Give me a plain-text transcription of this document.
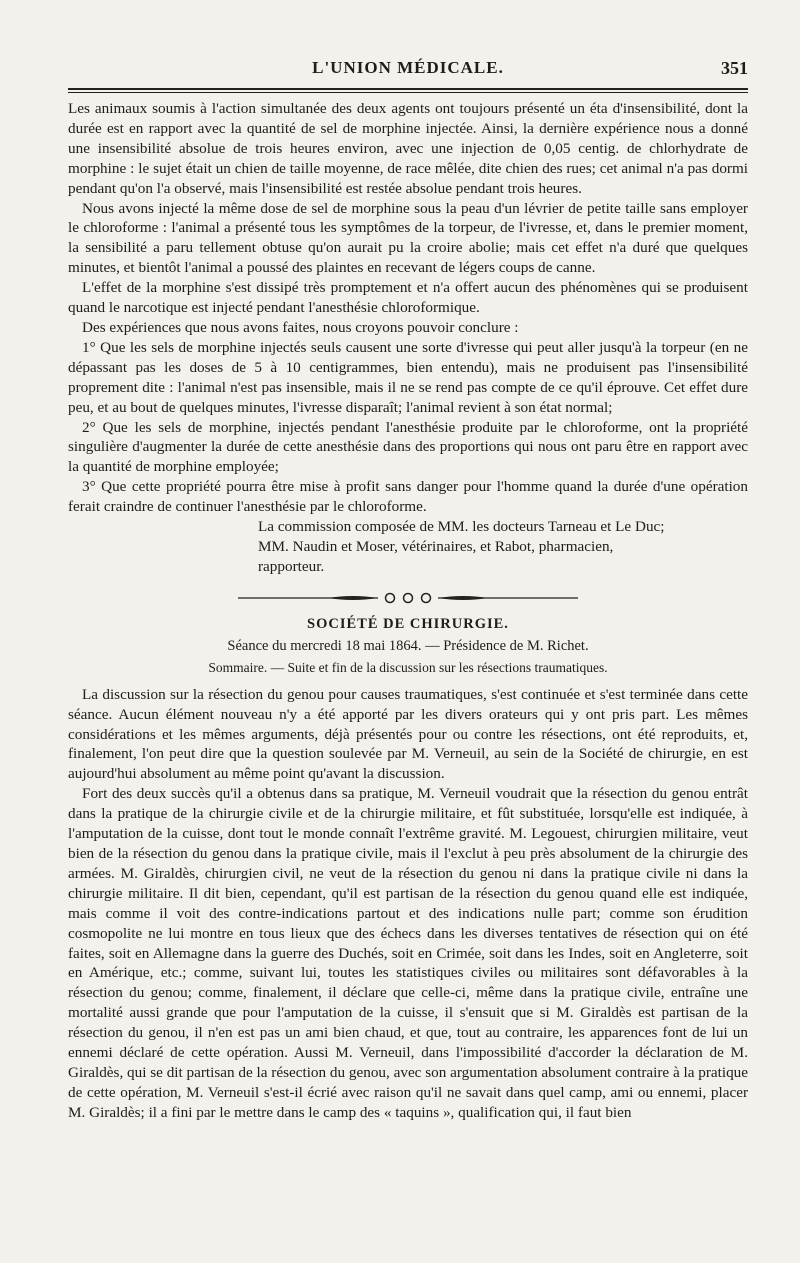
L'UNION MÉDICALE.	351

Les animaux soumis à l'action simultanée des deux agents ont toujours présenté un éta d'insensibilité, dont la durée est en rapport avec la quantité de sel de morphine injectée. Ainsi, la dernière expérience nous a donné une insensibilité absolue de trois heures environ, avec une injection de 0,05 centig. de chlorhydrate de morphine : le sujet était un chien de taille moyenne, de race mêlée, dite chien des rues; cet animal n'a pas dormi pendant qu'on l'a observé, mais l'insensibilité est restée absolue pendant trois heures.

Nous avons injecté la même dose de sel de morphine sous la peau d'un lévrier de petite taille sans employer le chloroforme : l'animal a présenté tous les symptômes de la torpeur, de l'ivresse, et, dans le premier moment, la sensibilité a paru tellement obtuse qu'on aurait pu la croire abolie; mais cet effet n'a duré que quelques minutes, et bientôt l'animal a poussé des plaintes en recevant de légers coups de canne.

L'effet de la morphine s'est dissipé très promptement et n'a offert aucun des phénomènes qui se produisent quand le narcotique est injecté pendant l'anesthésie chloroformique.

Des expériences que nous avons faites, nous croyons pouvoir conclure :

1° Que les sels de morphine injectés seuls causent une sorte d'ivresse qui peut aller jusqu'à la torpeur (en ne dépassant pas les doses de 5 à 10 centigrammes, bien entendu), mais ne produisent pas l'insensibilité proprement dite : l'animal n'est pas insensible, mais il ne se rend pas compte de ce qu'il éprouve. Cet effet dure peu, et au bout de quelques minutes, l'ivresse disparaît; l'animal revient à son état normal;

2° Que les sels de morphine, injectés pendant l'anesthésie produite par le chloroforme, ont la propriété singulière d'augmenter la durée de cette anesthésie dans des proportions qui nous ont paru être en rapport avec la quantité de morphine employée;

3° Que cette propriété pourra être mise à profit sans danger pour l'homme quand la durée d'une opération ferait craindre de continuer l'anesthésie par le chloroforme.

La commission composée de MM. les docteurs Tarneau et Le Duc;
MM. Naudin et Moser, vétérinaires, et Rabot, pharmacien,
rapporteur.
SOCIÉTÉ DE CHIRURGIE.
Séance du mercredi 18 mai 1864. — Présidence de M. Richet.
Sommaire. — Suite et fin de la discussion sur les résections traumatiques.

La discussion sur la résection du genou pour causes traumatiques, s'est continuée et s'est terminée dans cette séance. Aucun élément nouveau n'y a été apporté par les divers orateurs qui y ont pris part. Les mêmes considérations et les mêmes arguments, déjà présentés pour ou contre les résections, ont été reproduits, et, finalement, l'on peut dire que la question soulevée par M. Verneuil, au sein de la Société de chirurgie, en est aujourd'hui absolument au même point qu'avant la discussion.

Fort des deux succès qu'il a obtenus dans sa pratique, M. Verneuil voudrait que la résection du genou entrât dans la pratique de la chirurgie civile et de la chirurgie militaire, et fût substituée, lorsqu'elle est indiquée, à l'amputation de la cuisse, dont tout le monde connaît l'extrême gravité. M. Legouest, chirurgien militaire, veut bien de la résection du genou dans la pratique civile, mais il l'exclut à peu près absolument de la chirurgie des armées. M. Giraldès, chirurgien civil, ne veut de la résection du genou ni dans la pratique civile ni dans la chirurgie militaire. Il dit bien, cependant, qu'il est partisan de la résection du genou quand elle est indiquée, mais comme il voit des contre-indications partout et des indications nulle part; comme son érudition cosmopolite ne lui montre en tous lieux que des échecs dans les diverses tentatives de résection qui on été faites, soit en Allemagne dans la guerre des Duchés, soit en Crimée, soit dans les Indes, soit en Angleterre, soit en Amérique, etc.; comme, suivant lui, toutes les statistiques civiles ou militaires sont défavorables à la résection du genou; comme, finalement, il déclare que celle-ci, même dans la pratique civile, entraîne une mortalité aussi grande que pour l'amputation de la cuisse, il s'ensuit que si M. Giraldès est partisan de la résection du genou, il n'en est pas un ami bien chaud, et que, tout au contraire, les apparences font de lui un ennemi déclaré de cette opération. Aussi M. Verneuil, dans l'impossibilité d'accorder la déclaration de M. Giraldès, qui se dit partisan de la résection du genou, avec son argumentation absolument contraire à la pratique de cette opération, M. Verneuil s'est-il écrié avec raison qu'il ne savait dans quel camp, ami ou ennemi, placer M. Giraldès; il a fini par le mettre dans le camp des « taquins », qualification qui, il faut bien
